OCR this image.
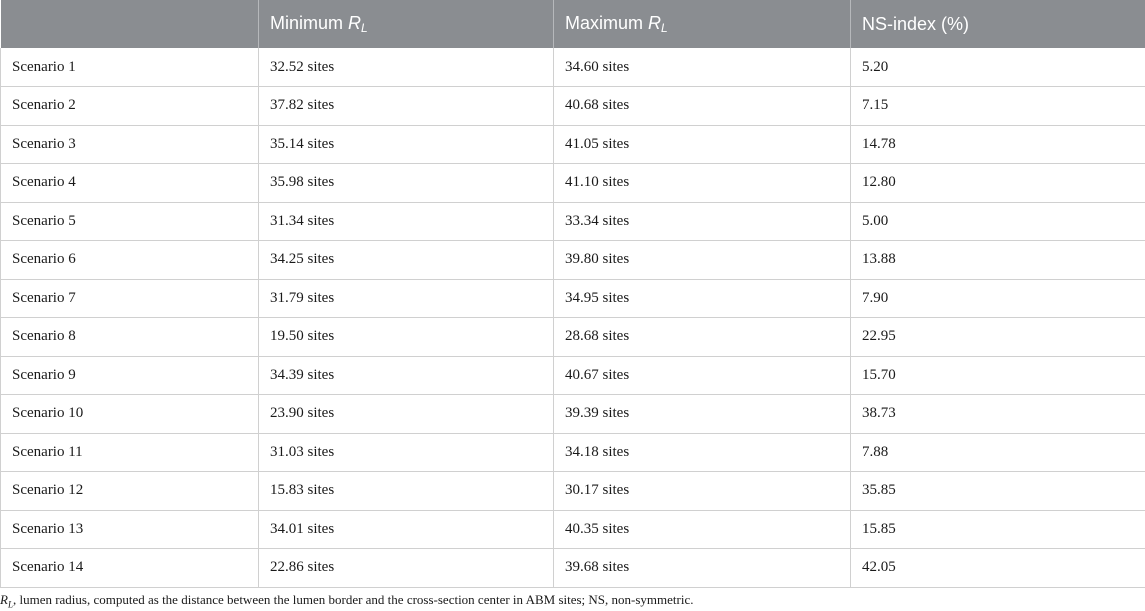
	Minimum $R_L$	Maximum $R_L$	NS-index (%)
Scenario 1	32.52 sites	34.60 sites	5.20
Scenario 2	37.82 sites	40.68 sites	7.15
Scenario 3	35.14 sites	41.05 sites	14.78
Scenario 4	35.98 sites	41.10 sites	12.80
Scenario 5	31.34 sites	33.34 sites	5.00
Scenario 6	34.25 sites	39.80 sites	13.88
Scenario 7	31.79 sites	34.95 sites	7.90
Scenario 8	19.50 sites	28.68 sites	22.95
Scenario 9	34.39 sites	40.67 sites	15.70
Scenario 10	23.90 sites	39.39 sites	38.73
Scenario 11	31.03 sites	34.18 sites	7.88
Scenario 12	15.83 sites	30.17 sites	35.85
Scenario 13	34.01 sites	40.35 sites	15.85
Scenario 14	22.86 sites	39.68 sites	42.05
$R_L$, lumen radius, computed as the distance between the lumen border and the cross-section center in ABM sites; NS, non-symmetric.
